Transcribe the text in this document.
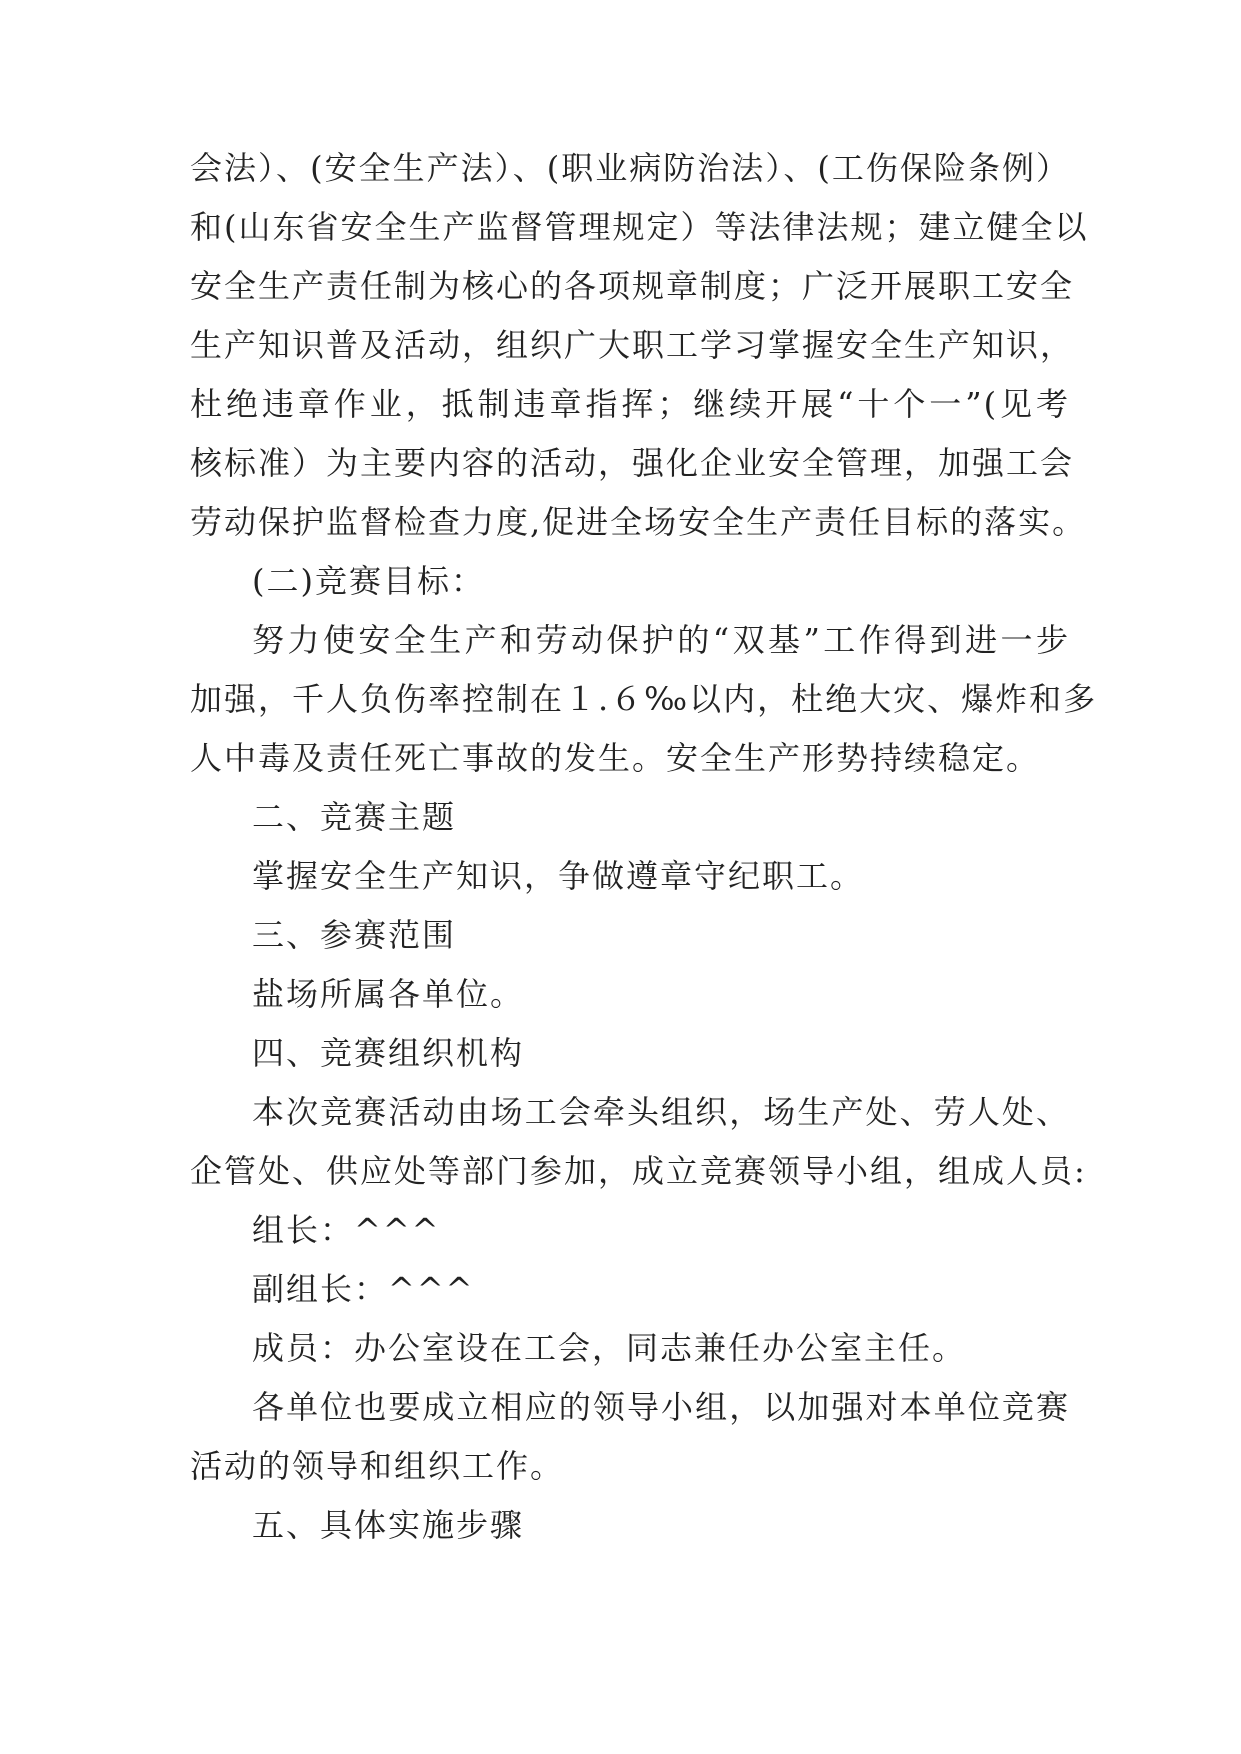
会法）、(安全生产法）、(职业病防治法）、(工伤保险条例）
和(山东省安全生产监督管理规定）等法律法规；建立健全以
安全生产责任制为核心的各项规章制度；广泛开展职工安全
生产知识普及活动，组织广大职工学习掌握安全生产知识，
杜绝违章作业，抵制违章指挥；继续开展“十个一”(见考
核标准）为主要内容的活动，强化企业安全管理，加强工会
劳动保护监督检查力度,促进全场安全生产责任目标的落实。
(二)竞赛目标：
努力使安全生产和劳动保护的“双基”工作得到进一步
加强，千人负伤率控制在１.６‰以内，杜绝大灾、爆炸和多
人中毒及责任死亡事故的发生。安全生产形势持续稳定。
二、竞赛主题
掌握安全生产知识，争做遵章守纪职工。
三、参赛范围
盐场所属各单位。
四、竞赛组织机构
本次竞赛活动由场工会牵头组织，场生产处、劳人处、
企管处、供应处等部门参加，成立竞赛领导小组，组成人员:
组长：^^^
副组长：^^^
成员：办公室设在工会，同志兼任办公室主任。
各单位也要成立相应的领导小组，以加强对本单位竞赛
活动的领导和组织工作。
五、具体实施步骤
